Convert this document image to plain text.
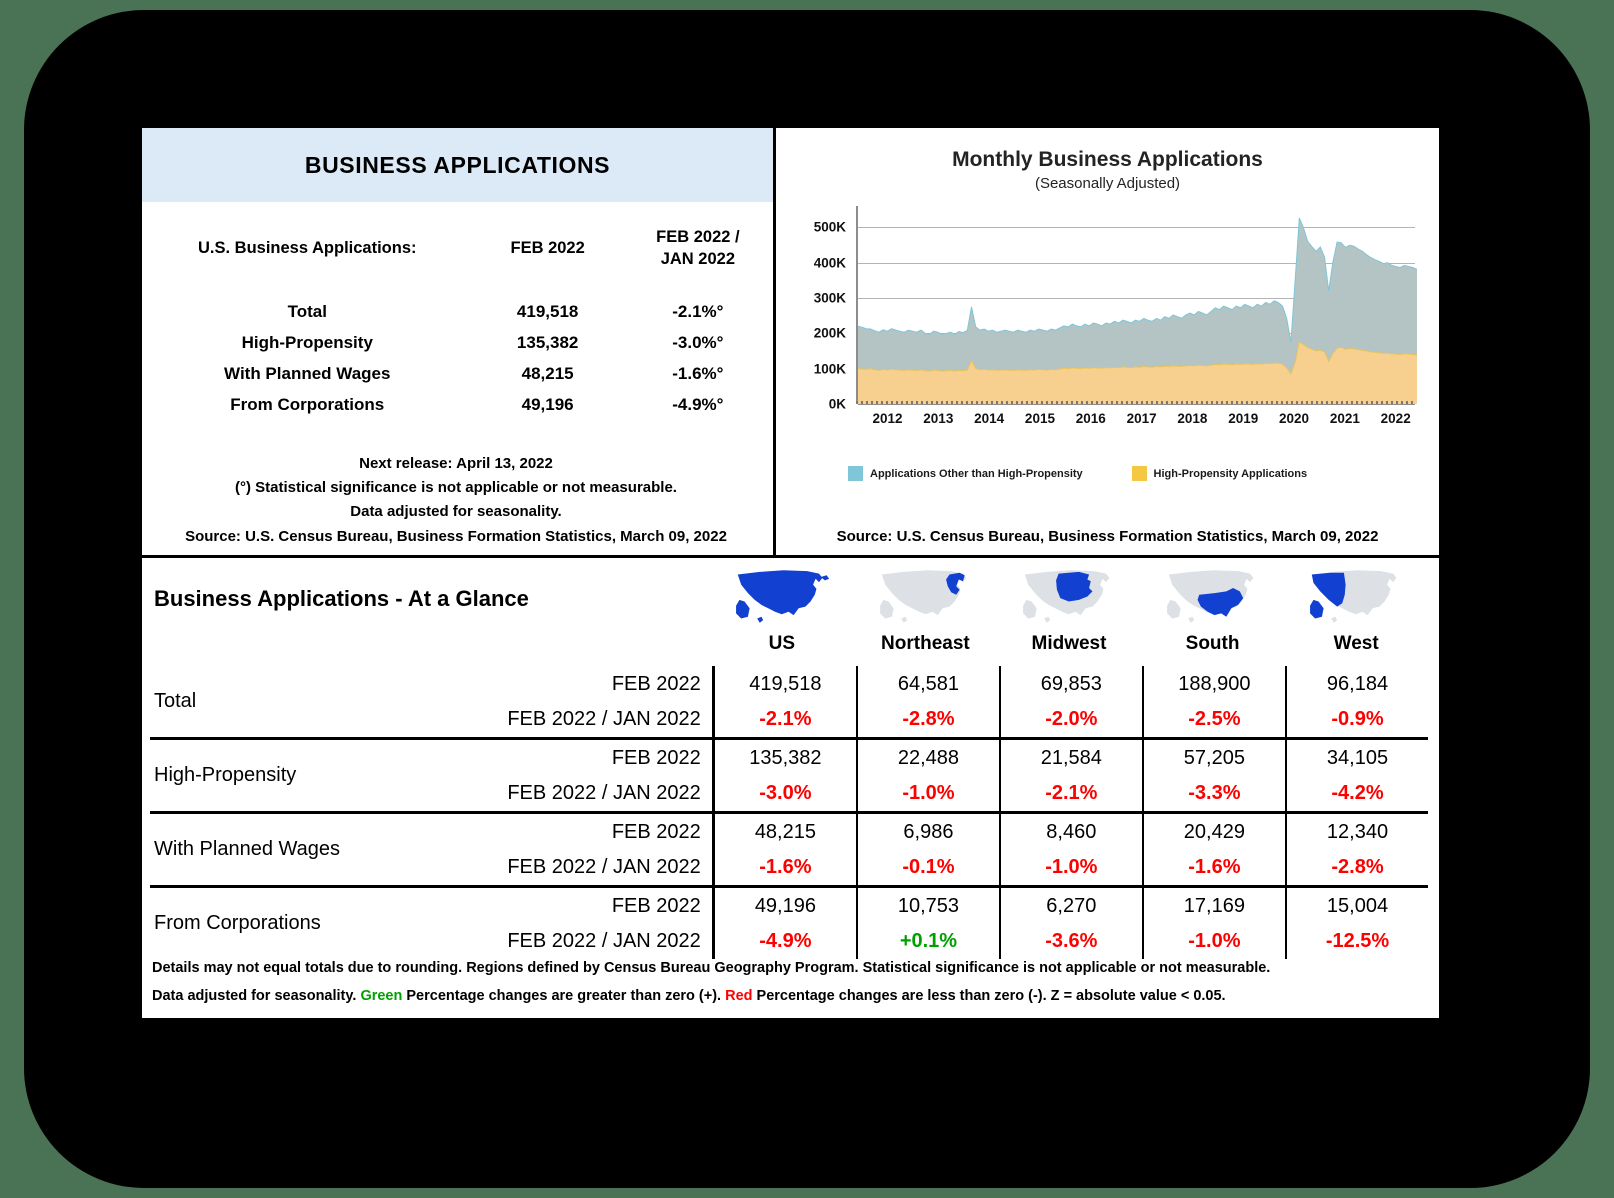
BUSINESS APPLICATIONS
U.S. Business Applications:	FEB 2022	FEB 2022 /
JAN 2022

Total	419,518	-2.1%°
High-Propensity	135,382	-3.0%°
With Planned Wages	48,215	-1.6%°
From Corporations	49,196	-4.9%°
Next release: April 13, 2022
(°) Statistical significance is not applicable or not measurable.
Data adjusted for seasonality.
Source: U.S. Census Bureau, Business Formation Statistics, March 09, 2022
Monthly Business Applications
(Seasonally Adjusted)
2012 2013 2014 2015 2016 2017 2018 2019 2020 2021 2022
0K
100K
200K
300K
400K
500K
Applications Other than High-Propensity	High-Propensity Applications
Source: U.S. Census Bureau, Business Formation Statistics, March 09, 2022
Business Applications - At a Glance
US	Northeast	Midwest	South	West
Total	FEB 2022	419,518	64,581	69,853	188,900	96,184
	FEB 2022 / JAN 2022	-2.1%	-2.8%	-2.0%	-2.5%	-0.9%
High-Propensity	FEB 2022	135,382	22,488	21,584	57,205	34,105
	FEB 2022 / JAN 2022	-3.0%	-1.0%	-2.1%	-3.3%	-4.2%
With Planned Wages	FEB 2022	48,215	6,986	8,460	20,429	12,340
	FEB 2022 / JAN 2022	-1.6%	-0.1%	-1.0%	-1.6%	-2.8%
From Corporations	FEB 2022	49,196	10,753	6,270	17,169	15,004
	FEB 2022 / JAN 2022	-4.9%	+0.1%	-3.6%	-1.0%	-12.5%
Details may not equal totals due to rounding. Regions defined by Census Bureau Geography Program. Statistical significance is not applicable or not measurable.
Data adjusted for seasonality. Green Percentage changes are greater than zero (+). Red Percentage changes are less than zero (-). Z = absolute value < 0.05.
